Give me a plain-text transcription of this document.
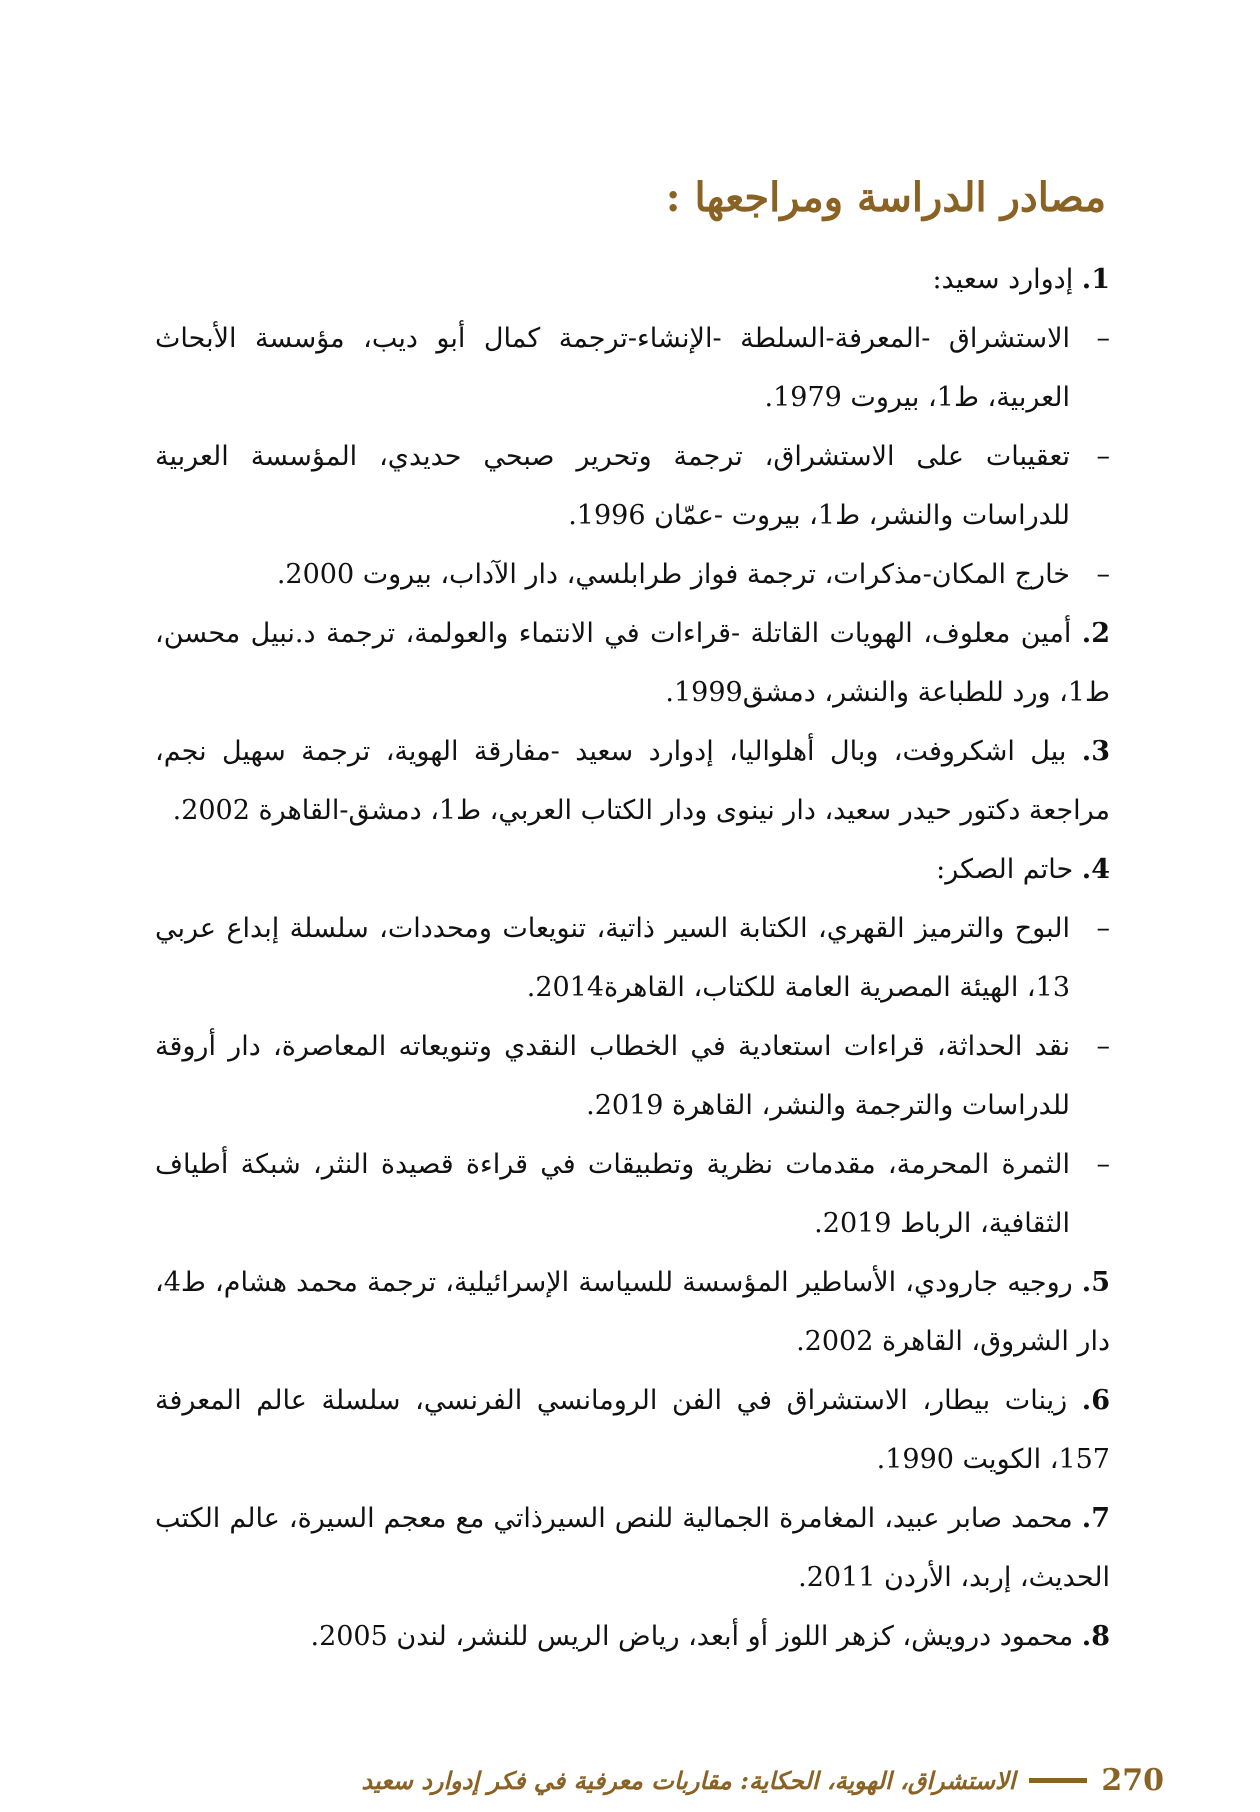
مصادر الدراسة ومراجعها :

1. إدوارد سعيد:

–
الاستشراق -المعرفة-السلطة -الإنشاء-ترجمة كمال أبو ديب، مؤسسة الأبحاث العربية، ط1، بيروت 1979.

–
تعقيبات على الاستشراق، ترجمة وتحرير صبحي حديدي، المؤسسة العربية للدراسات والنشر، ط1، بيروت -عمّان 1996.

–
خارج المكان-مذكرات، ترجمة فواز طرابلسي، دار الآداب، بيروت 2000.

2. أمين معلوف، الهويات القاتلة -قراءات في الانتماء والعولمة، ترجمة د.نبيل محسن، ط1، ورد للطباعة والنشر، دمشق1999.

3. بيل اشكروفت، وبال أهلواليا، إدوارد سعيد -مفارقة الهوية، ترجمة سهيل نجم، مراجعة دكتور حيدر سعيد، دار نينوى ودار الكتاب العربي، ط1، دمشق-القاهرة 2002.

4. حاتم الصكر:

–
البوح والترميز القهري، الكتابة السير ذاتية، تنويعات ومحددات، سلسلة إبداع عربي 13، الهيئة المصرية العامة للكتاب، القاهرة2014.

–
نقد الحداثة، قراءات استعادية في الخطاب النقدي وتنويعاته المعاصرة، دار أروقة للدراسات والترجمة والنشر، القاهرة 2019.

–
الثمرة المحرمة، مقدمات نظرية وتطبيقات في قراءة قصيدة النثر، شبكة أطياف الثقافية، الرباط 2019.

5. روجيه جارودي، الأساطير المؤسسة للسياسة الإسرائيلية، ترجمة محمد هشام، ط4، دار الشروق، القاهرة 2002.

6. زينات بيطار، الاستشراق في الفن الرومانسي الفرنسي، سلسلة عالم المعرفة 157، الكويت 1990.

7. محمد صابر عبيد، المغامرة الجمالية للنص السيرذاتي مع معجم السيرة، عالم الكتب الحديث، إربد، الأردن 2011.

8. محمود درويش، كزهر اللوز أو أبعد، رياض الريس للنشر، لندن 2005.

270
الاستشراق، الهوية، الحكاية: مقاربات معرفية في فكر إدوارد سعيد
